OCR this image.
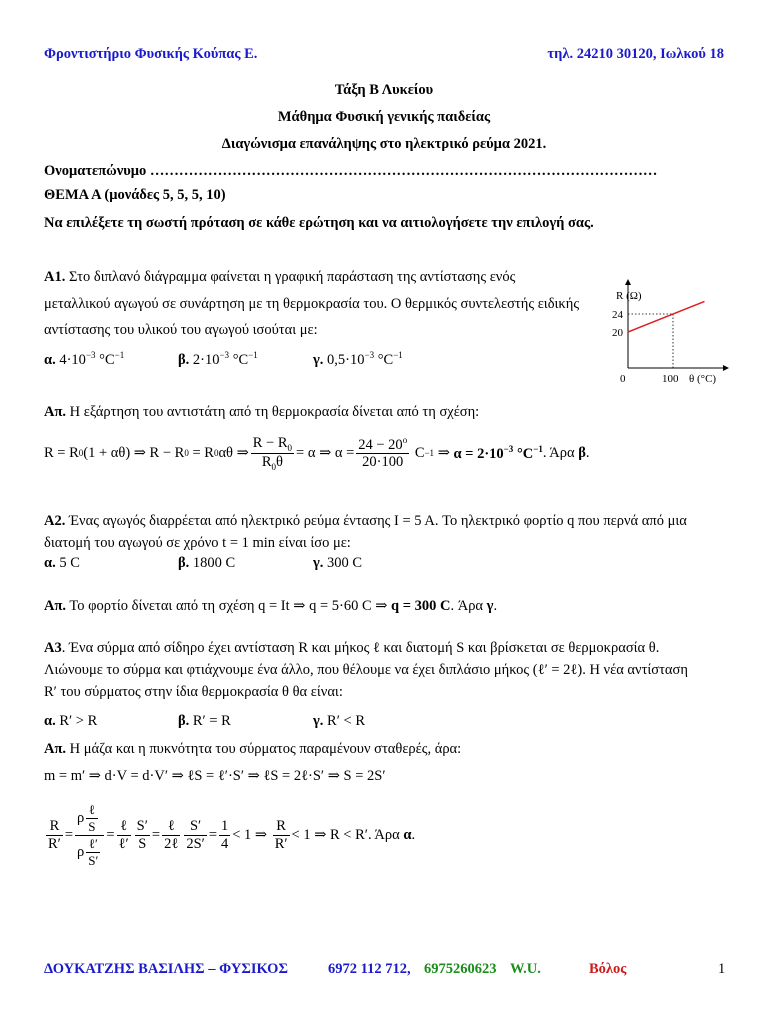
Φροντιστήριο Φυσικής Κούπας Ε.	τηλ. 24210 30120, Ιωλκού 18
Τάξη Β Λυκείου
Μάθημα Φυσική γενικής παιδείας
Διαγώνισμα επανάληψης στο ηλεκτρικό ρεύμα 2021.
Ονοματεπώνυμο ……………………………………………………………………………………………
ΘΕΜΑ Α (μονάδες 5, 5, 5, 10)
Να επιλέξετε τη σωστή πρόταση σε κάθε ερώτηση και να αιτιολογήσετε την επιλογή σας.
Α1. Στο διπλανό διάγραμμα φαίνεται η γραφική παράσταση της αντίστασης ενός
μεταλλικού αγωγού σε συνάρτηση με τη θερμοκρασία του. Ο θερμικός συντελεστής ειδικής
αντίστασης του υλικού του αγωγού ισούται με:
α. $4\cdot 10^{-3}$ $^\circ C^{-1}$	β. $2\cdot 10^{-3}$ $^\circ C^{-1}$	γ. $0,5\cdot 10^{-3}$ $^\circ C^{-1}$
R (Ω)
θ (°C)
0	100
24
20
Απ. Η εξάρτηση του αντιστάτη από τη θερμοκρασία δίνεται από τη σχέση:
R = R 0 (1 + αθ) ⇒ R − R 0 = R 0 αθ ⇒ $\frac{R - R_0}{R_0\theta} = \alpha$ ⇒ $\alpha = \frac{24 - 20^o}{20\cdot 100}$
C −1
⇒
$\alpha = 2\cdot 10^{-3}$ $^\circ C^{-1}$ . Άρα
β .
Α2. Ένας αγωγός διαρρέεται από ηλεκτρικό ρεύμα έντασης I = 5 A. Το ηλεκτρικό φορτίο q που περνά από μια
διατομή του αγωγού σε χρόνο t = 1 min είναι ίσο με:
α. 5 C	β. 1800 C	γ. 300 C
Απ. Το φορτίο δίνεται από τη σχέση q = It ⇒ q = 5·60 C ⇒ q = 300 C. Άρα γ.
Α3. Ένα σύρμα από σίδηρο έχει αντίσταση R και μήκος ℓ και διατομή S και βρίσκεται σε θερμοκρασία θ.
Λιώνουμε το σύρμα και φτιάχνουμε ένα άλλο, που θέλουμε να έχει διπλάσιο μήκος (ℓ′ = 2ℓ). Η νέα αντίσταση
R′ του σύρματος στην ίδια θερμοκρασία θ θα είναι:
α. R′ > R	β. R′ = R	γ. R′ < R
Απ. Η μάζα και η πυκνότητα του σύρματος παραμένουν σταθερές, άρα:
m = m′ ⇒ d·V = d·V′ ⇒ ℓS = ℓ′·S′ ⇒ ℓS = 2ℓ·S′ ⇒ S = 2S′
$\frac{R}{R'} = \frac{\rho \frac{\text{ℓ}}{S}}{\rho \frac{\text{ℓ′}}{S'}} = \frac{\text{ℓ}}{\text{ℓ′}} \frac{S'}{S} = \frac{\text{ℓ}}{\text{2ℓ}} \frac{S'}{2S'} = \frac{1}{4} < 1$ ⇒
$\frac{R}{R'} < 1$ ⇒ R < R′ . Άρα
α .
ΔΟΥΚΑΤΖΗΣ ΒΑΣΙΛΗΣ – ΦΥΣΙΚΟΣ	6972 112 712, 6975260623 W.U.	Βόλος	1
